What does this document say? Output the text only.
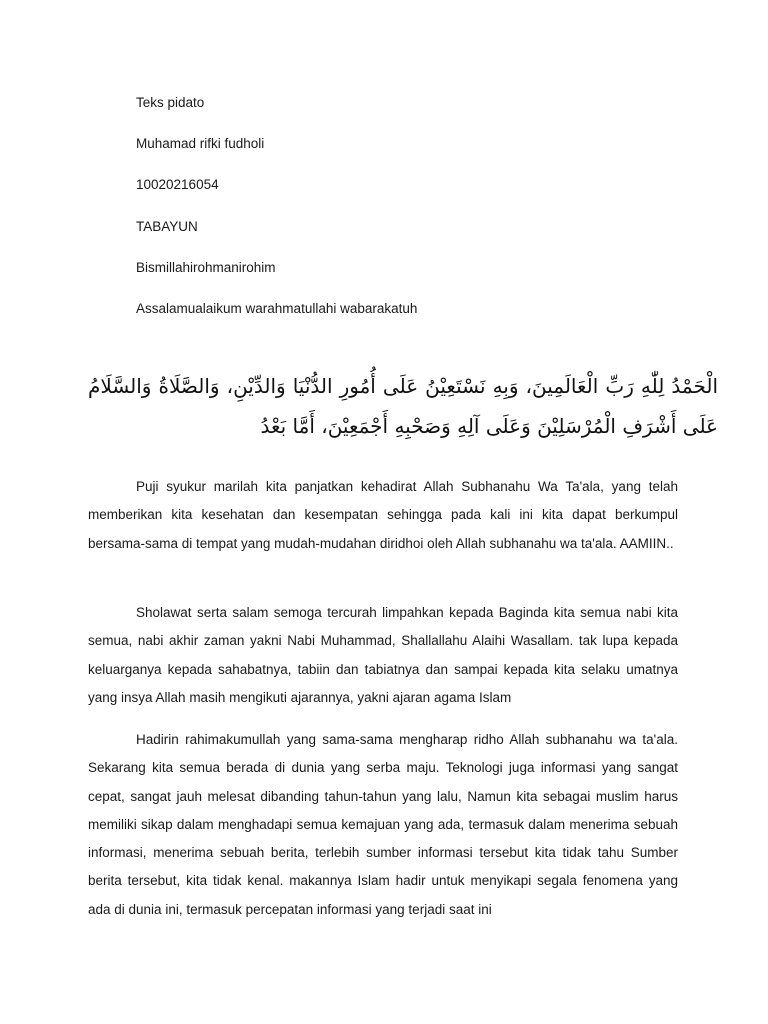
Teks pidato
Muhamad rifki fudholi
10020216054
TABAYUN
Bismillahirohmanirohim
Assalamualaikum warahmatullahi wabarakatuh
الْحَمْدُ لِلّٰهِ رَبِّ الْعَالَمِينَ، وَبِهِ نَسْتَعِيْنُ عَلَى أُمُورِ الدُّنْيَا وَالدِّيْنِ، وَالصَّلَاةُ وَالسَّلَامُ عَلَى أَشْرَفِ الْمُرْسَلِيْنَ وَعَلَى آلِهِ وَصَحْبِهِ أَجْمَعِيْنَ، أَمَّا بَعْدُ
Puji syukur marilah kita panjatkan kehadirat Allah Subhanahu Wa Ta'ala, yang telah memberikan kita kesehatan dan kesempatan sehingga pada kali ini kita dapat berkumpul bersama-sama di tempat yang mudah-mudahan diridhoi oleh Allah subhanahu wa ta'ala. AAMIIN..
Sholawat serta salam semoga tercurah limpahkan kepada Baginda kita semua nabi kita semua, nabi akhir zaman yakni Nabi Muhammad, Shallallahu Alaihi Wasallam. tak lupa kepada keluarganya kepada sahabatnya, tabiin dan tabiatnya dan sampai kepada kita selaku umatnya yang insya Allah masih mengikuti ajarannya, yakni ajaran agama Islam
Hadirin rahimakumullah yang sama-sama mengharap ridho Allah subhanahu wa ta'ala. Sekarang kita semua berada di dunia yang serba maju. Teknologi juga informasi yang sangat cepat, sangat jauh melesat dibanding tahun-tahun yang lalu, Namun kita sebagai muslim harus memiliki sikap dalam menghadapi semua kemajuan yang ada, termasuk dalam menerima sebuah informasi, menerima sebuah berita, terlebih sumber informasi tersebut kita tidak tahu Sumber berita tersebut, kita tidak kenal. makannya Islam hadir untuk menyikapi segala fenomena yang ada di dunia ini, termasuk percepatan informasi yang terjadi saat ini
